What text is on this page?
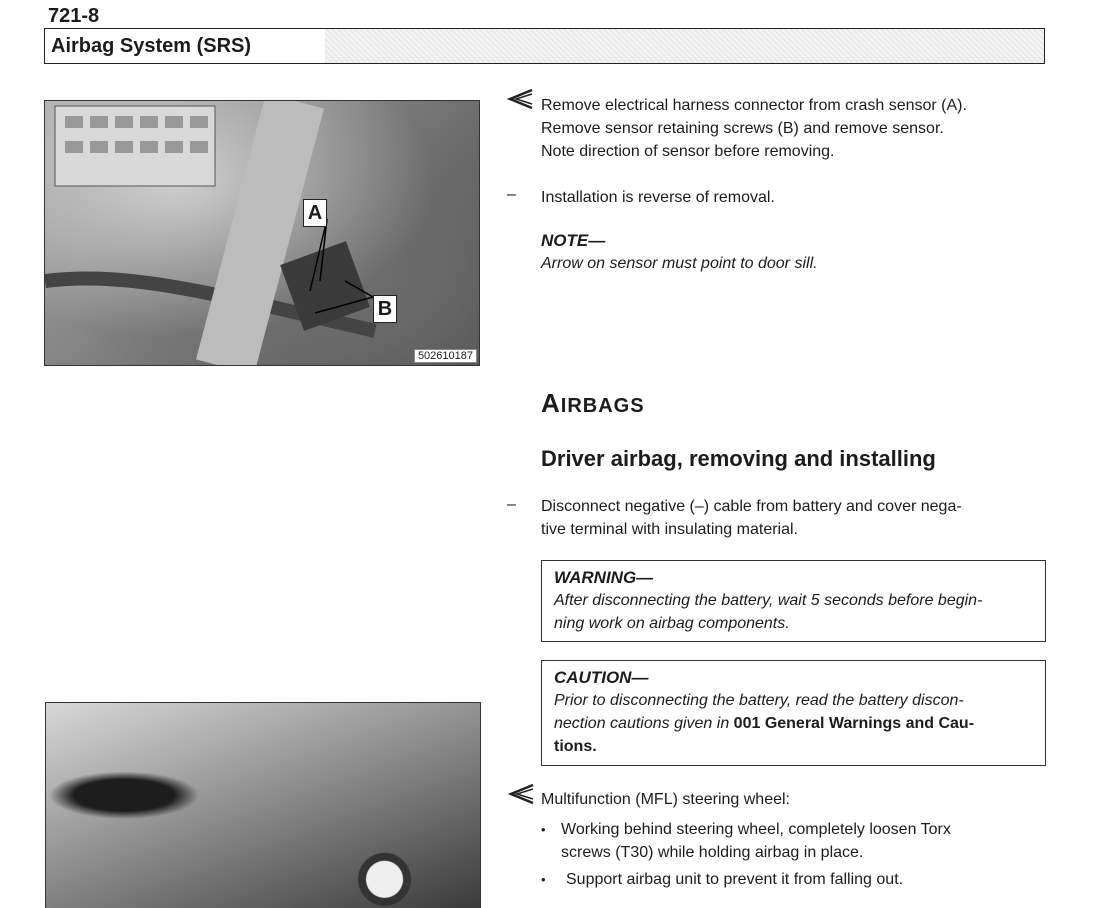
721-8
Airbag System (SRS)
A
B
502610187
Remove electrical harness connector from crash sensor (A).
Remove sensor retaining screws (B) and remove sensor.
Note direction of sensor before removing.
– Installation is reverse of removal.
NOTE—
Arrow on sensor must point to door sill.
AIRBAGS
Driver airbag, removing and installing
– Disconnect negative (–) cable from battery and cover nega-
tive terminal with insulating material.
WARNING—
After disconnecting the battery, wait 5 seconds before begin-
ning work on airbag components.
CAUTION—
Prior to disconnecting the battery, read the battery discon-
nection cautions given in 001 General Warnings and Cau-
tions.
Multifunction (MFL) steering wheel:
• Working behind steering wheel, completely loosen Torx
screws (T30) while holding airbag in place.
• Support airbag unit to prevent it from falling out.
